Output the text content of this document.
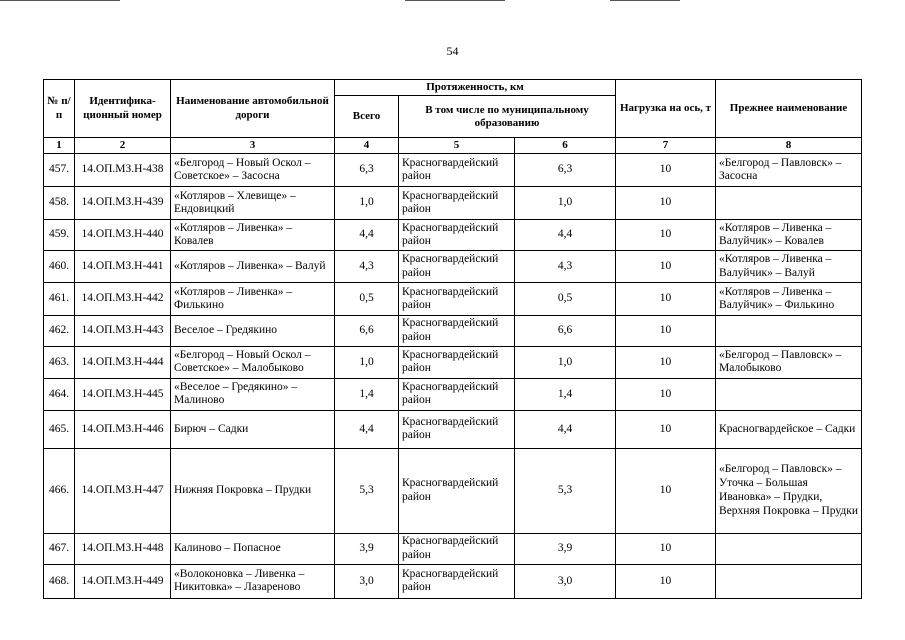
54
№ п/п	Идентифика-ционный номер	Наименование автомобильной дороги	Протяженность, км			Нагрузка на ось, т	Прежнее наименование
			Всего	В том числе по муниципальному образованию			
1	2	3	4	5	6	7	8
457.	14.ОП.МЗ.Н-438	«Белгород – Новый Оскол – Советское» – Засосна	6,3	Красногвардейский район	6,3	10	«Белгород – Павловск» – Засосна
458.	14.ОП.МЗ.Н-439	«Котляров – Хлевище» – Ендовицкий	1,0	Красногвардейский район	1,0	10	
459.	14.ОП.МЗ.Н-440	«Котляров – Ливенка» – Ковалев	4,4	Красногвардейский район	4,4	10	«Котляров – Ливенка – Валуйчик» – Ковалев
460.	14.ОП.МЗ.Н-441	«Котляров – Ливенка» – Валуй	4,3	Красногвардейский район	4,3	10	«Котляров – Ливенка – Валуйчик» – Валуй
461.	14.ОП.МЗ.Н-442	«Котляров – Ливенка» – Филькино	0,5	Красногвардейский район	0,5	10	«Котляров – Ливенка – Валуйчик» – Филькино
462.	14.ОП.МЗ.Н-443	Веселое – Гредякино	6,6	Красногвардейский район	6,6	10	
463.	14.ОП.МЗ.Н-444	«Белгород – Новый Оскол – Советское» – Малобыково	1,0	Красногвардейский район	1,0	10	«Белгород – Павловск» – Малобыково
464.	14.ОП.МЗ.Н-445	«Веселое – Гредякино» – Малиново	1,4	Красногвардейский район	1,4	10	
465.	14.ОП.МЗ.Н-446	Бирюч – Садки	4,4	Красногвардейский район	4,4	10	Красногвардейское – Садки
466.	14.ОП.МЗ.Н-447	Нижняя Покровка – Прудки	5,3	Красногвардейский район	5,3	10	«Белгород – Павловск» – Уточка – Большая Ивановка» – Прудки, Верхняя Покровка – Прудки
467.	14.ОП.МЗ.Н-448	Калиново – Попасное	3,9	Красногвардейский район	3,9	10	
468.	14.ОП.МЗ.Н-449	«Волоконовка – Ливенка – Никитовка» – Лазареново	3,0	Красногвардейский район	3,0	10	
